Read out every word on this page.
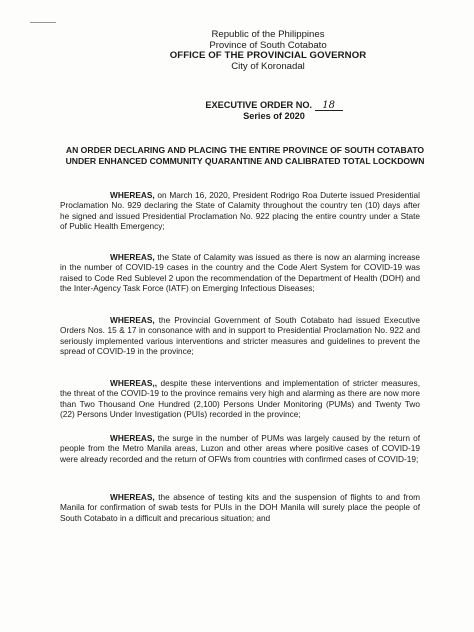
Republic of the Philippines
Province of South Cotabato
OFFICE OF THE PROVINCIAL GOVERNOR
City of Koronadal
EXECUTIVE ORDER NO. 18
Series of 2020
AN ORDER DECLARING AND PLACING THE ENTIRE PROVINCE OF SOUTH COTABATO UNDER ENHANCED COMMUNITY QUARANTINE AND CALIBRATED TOTAL LOCKDOWN
WHEREAS, on March 16, 2020, President Rodrigo Roa Duterte issued Presidential Proclamation No. 929 declaring the State of Calamity throughout the country ten (10) days after he signed and issued Presidential Proclamation No. 922 placing the entire country under a State of Public Health Emergency;
WHEREAS, the State of Calamity was issued as there is now an alarming increase in the number of COVID-19 cases in the country and the Code Alert System for COVID-19 was raised to Code Red Sublevel 2 upon the recommendation of the Department of Health (DOH) and the Inter-Agency Task Force (IATF) on Emerging Infectious Diseases;
WHEREAS, the Provincial Government of South Cotabato had issued Executive Orders Nos. 15 & 17 in consonance with and in support to Presidential Proclamation No. 922 and seriously implemented various interventions and stricter measures and guidelines to prevent the spread of COVID-19 in the province;
WHEREAS,, despite these interventions and implementation of stricter measures, the threat of the COVID-19 to the province remains very high and alarming as there are now more than Two Thousand One Hundred (2,100) Persons Under Monitoring (PUMs) and Twenty Two (22) Persons Under Investigation (PUIs) recorded in the province;
WHEREAS, the surge in the number of PUMs was largely caused by the return of people from the Metro Manila areas, Luzon and other areas where positive cases of COVID-19 were already recorded and the return of OFWs from countries with confirmed cases of COVID-19;
WHEREAS, the absence of testing kits and the suspension of flights to and from Manila for confirmation of swab tests for PUIs in the DOH Manila will surely place the people of South Cotabato in a difficult and precarious situation; and
